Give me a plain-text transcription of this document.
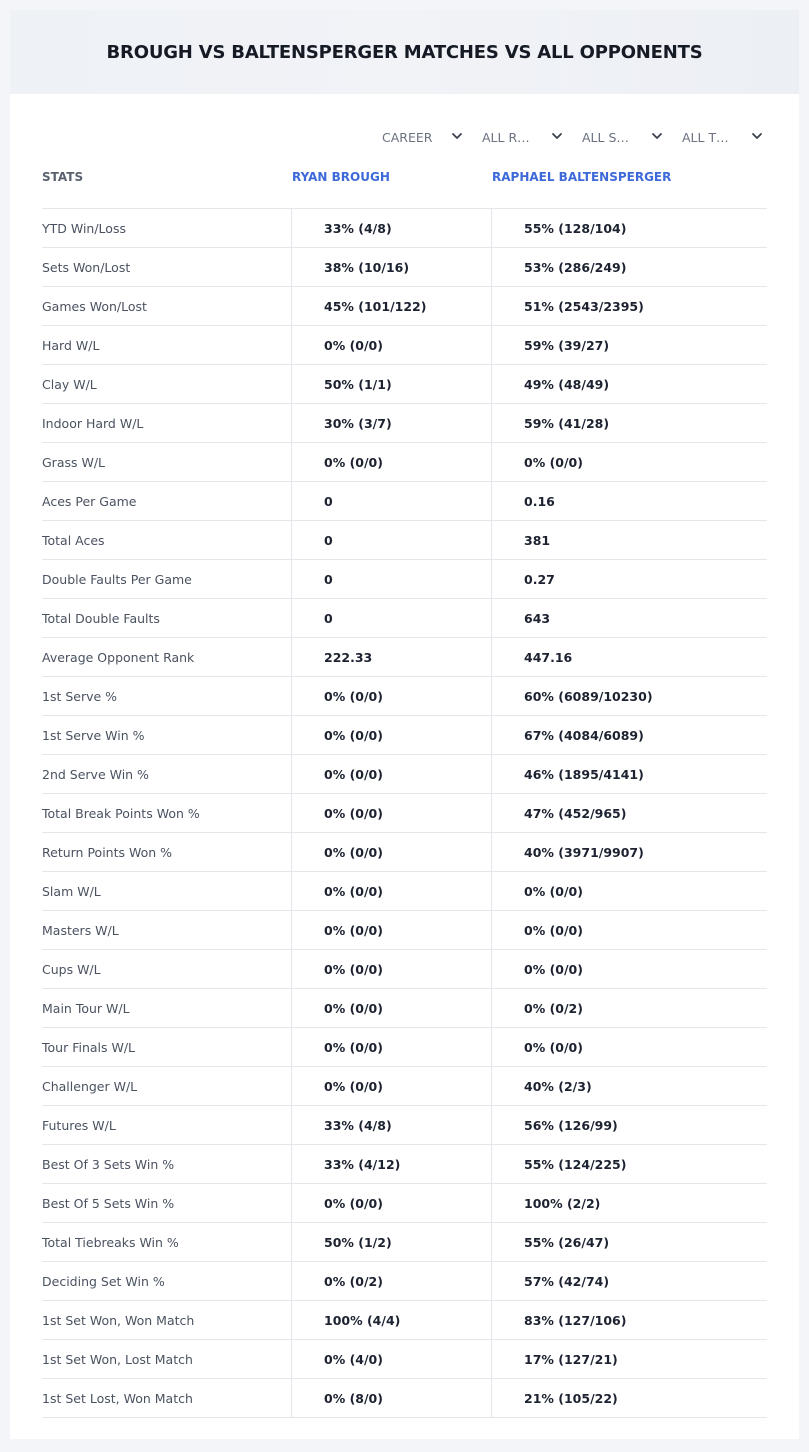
BROUGH VS BALTENSPERGER MATCHES VS ALL OPPONENTS
CAREER	ALL R…	ALL S…	ALL T…
STATS	RYAN BROUGH	RAPHAEL BALTENSPERGER
YTD Win/Loss	33% (4/8)	55% (128/104)
Sets Won/Lost	38% (10/16)	53% (286/249)
Games Won/Lost	45% (101/122)	51% (2543/2395)
Hard W/L	0% (0/0)	59% (39/27)
Clay W/L	50% (1/1)	49% (48/49)
Indoor Hard W/L	30% (3/7)	59% (41/28)
Grass W/L	0% (0/0)	0% (0/0)
Aces Per Game	0	0.16
Total Aces	0	381
Double Faults Per Game	0	0.27
Total Double Faults	0	643
Average Opponent Rank	222.33	447.16
1st Serve %	0% (0/0)	60% (6089/10230)
1st Serve Win %	0% (0/0)	67% (4084/6089)
2nd Serve Win %	0% (0/0)	46% (1895/4141)
Total Break Points Won %	0% (0/0)	47% (452/965)
Return Points Won %	0% (0/0)	40% (3971/9907)
Slam W/L	0% (0/0)	0% (0/0)
Masters W/L	0% (0/0)	0% (0/0)
Cups W/L	0% (0/0)	0% (0/0)
Main Tour W/L	0% (0/0)	0% (0/2)
Tour Finals W/L	0% (0/0)	0% (0/0)
Challenger W/L	0% (0/0)	40% (2/3)
Futures W/L	33% (4/8)	56% (126/99)
Best Of 3 Sets Win %	33% (4/12)	55% (124/225)
Best Of 5 Sets Win %	0% (0/0)	100% (2/2)
Total Tiebreaks Win %	50% (1/2)	55% (26/47)
Deciding Set Win %	0% (0/2)	57% (42/74)
1st Set Won, Won Match	100% (4/4)	83% (127/106)
1st Set Won, Lost Match	0% (4/0)	17% (127/21)
1st Set Lost, Won Match	0% (8/0)	21% (105/22)
